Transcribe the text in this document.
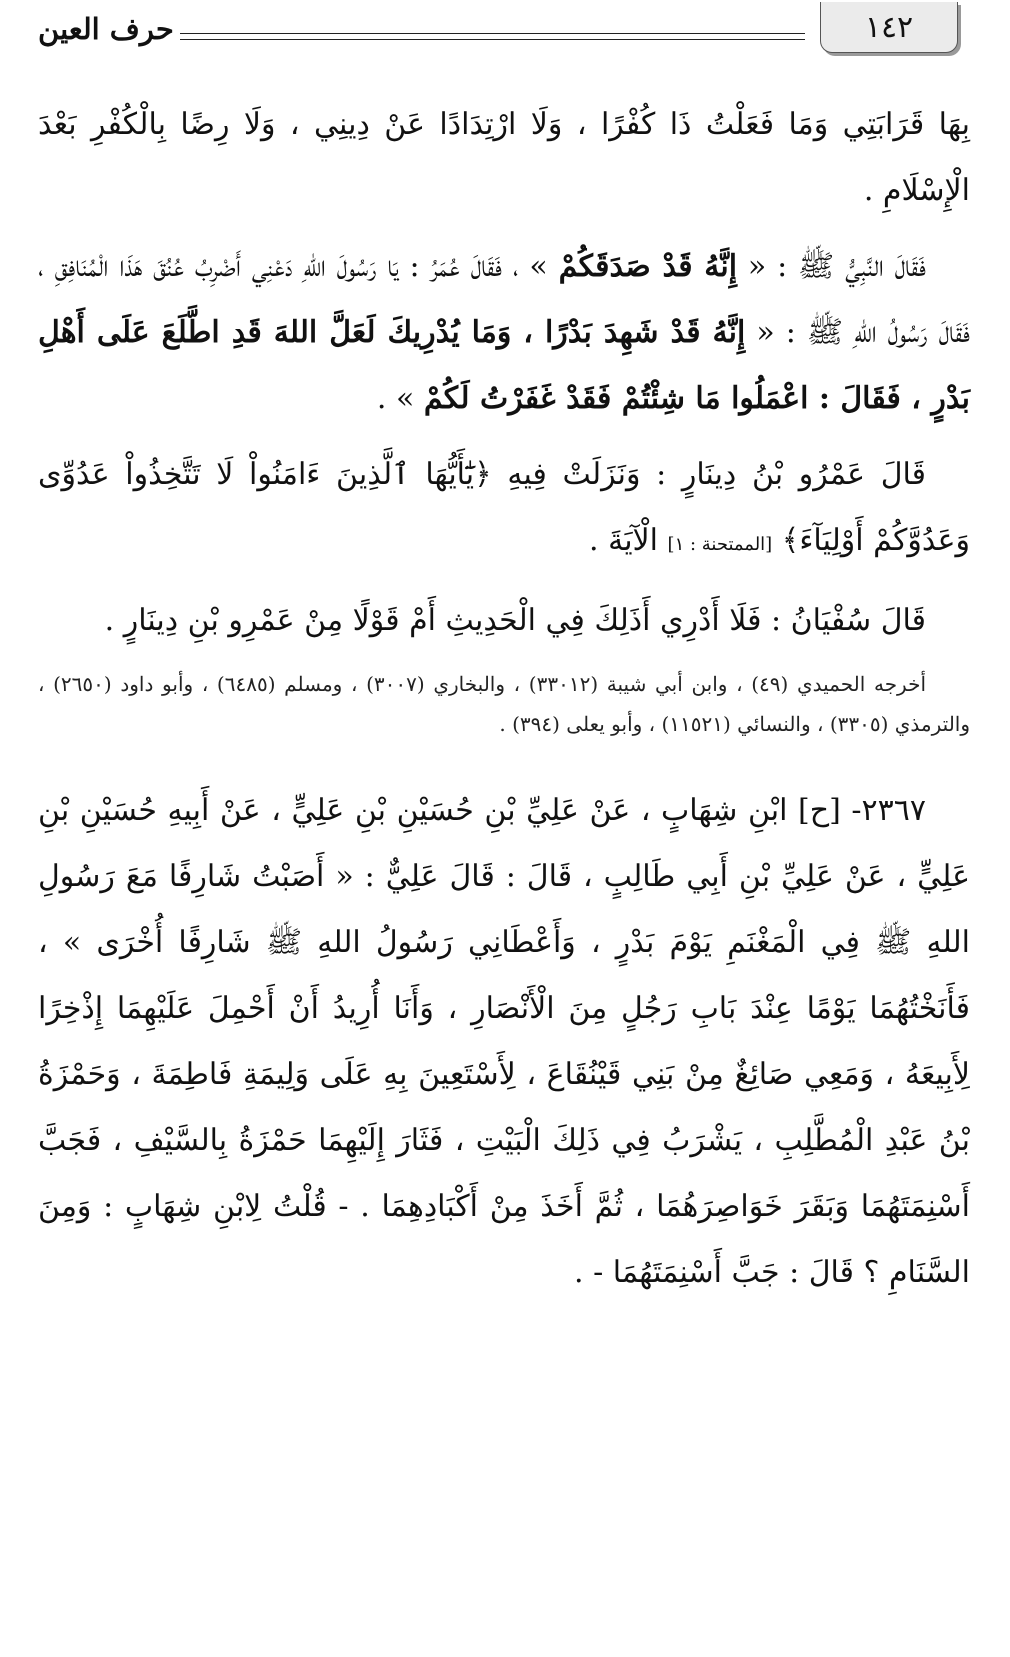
١٤٢
حرف العين

بِهَا قَرَابَتِي وَمَا فَعَلْتُ ذَا كُفْرًا ، وَلَا ارْتِدَادًا عَنْ دِينِي ، وَلَا رِضًا بِالْكُفْرِ بَعْدَ الْإِسْلَامِ .

فَقَالَ النَّبِيُّ ﷺ : « إِنَّهُ قَدْ صَدَقَكُمْ » ، فَقَالَ عُمَرُ : يَا رَسُولَ اللهِ دَعْنِي أَضْرِبُ عُنُقَ هَذَا الْمُنَافِقِ ، فَقَالَ رَسُولُ اللهِ ﷺ : « إِنَّهُ قَدْ شَهِدَ بَدْرًا ، وَمَا يُدْرِيكَ لَعَلَّ اللهَ قَدِ اطَّلَعَ عَلَى أَهْلِ بَدْرٍ ، فَقَالَ : اعْمَلُوا مَا شِئْتُمْ فَقَدْ غَفَرْتُ لَكُمْ » .

قَالَ عَمْرُو بْنُ دِينَارٍ : وَنَزَلَتْ فِيهِ ﴿يَٰٓأَيُّهَا ٱلَّذِينَ ءَامَنُواْ لَا تَتَّخِذُواْ عَدُوِّى وَعَدُوَّكُمْ أَوْلِيَآءَ﴾ [الممتحنة : ١] الْآيَةَ .

قَالَ سُفْيَانُ : فَلَا أَدْرِي أَذَلِكَ فِي الْحَدِيثِ أَمْ قَوْلًا مِنْ عَمْرِو بْنِ دِينَارٍ .

أخرجه الحميدي (٤٩) ، وابن أبي شيبة (٣٣٠١٢) ، والبخاري (٣٠٠٧) ، ومسلم (٦٤٨٥) ، وأبو داود (٢٦٥٠) ، والترمذي (٣٣٠٥) ، والنسائي (١١٥٢١) ، وأبو يعلى (٣٩٤) .

٢٣٦٧- [ح] ابْنِ شِهَابٍ ، عَنْ عَلِيِّ بْنِ حُسَيْنِ بْنِ عَلِيٍّ ، عَنْ أَبِيهِ حُسَيْنِ بْنِ عَلِيٍّ ، عَنْ عَلِيِّ بْنِ أَبِي طَالِبٍ ، قَالَ : قَالَ عَلِيٌّ : « أَصَبْتُ شَارِفًا مَعَ رَسُولِ اللهِ ﷺ فِي الْمَغْنَمِ يَوْمَ بَدْرٍ ، وَأَعْطَانِي رَسُولُ اللهِ ﷺ شَارِفًا أُخْرَى » ، فَأَنَخْتُهُمَا يَوْمًا عِنْدَ بَابِ رَجُلٍ مِنَ الْأَنْصَارِ ، وَأَنَا أُرِيدُ أَنْ أَحْمِلَ عَلَيْهِمَا إِذْخِرًا لِأَبِيعَهُ ، وَمَعِي صَائِغٌ مِنْ بَنِي قَيْنُقَاعَ ، لِأَسْتَعِينَ بِهِ عَلَى وَلِيمَةِ فَاطِمَةَ ، وَحَمْزَةُ بْنُ عَبْدِ الْمُطَّلِبِ ، يَشْرَبُ فِي ذَلِكَ الْبَيْتِ ، فَثَارَ إِلَيْهِمَا حَمْزَةُ بِالسَّيْفِ ، فَجَبَّ أَسْنِمَتَهُمَا وَبَقَرَ خَوَاصِرَهُمَا ، ثُمَّ أَخَذَ مِنْ أَكْبَادِهِمَا . - قُلْتُ لِابْنِ شِهَابٍ : وَمِنَ السَّنَامِ ؟ قَالَ : جَبَّ أَسْنِمَتَهُمَا - .
